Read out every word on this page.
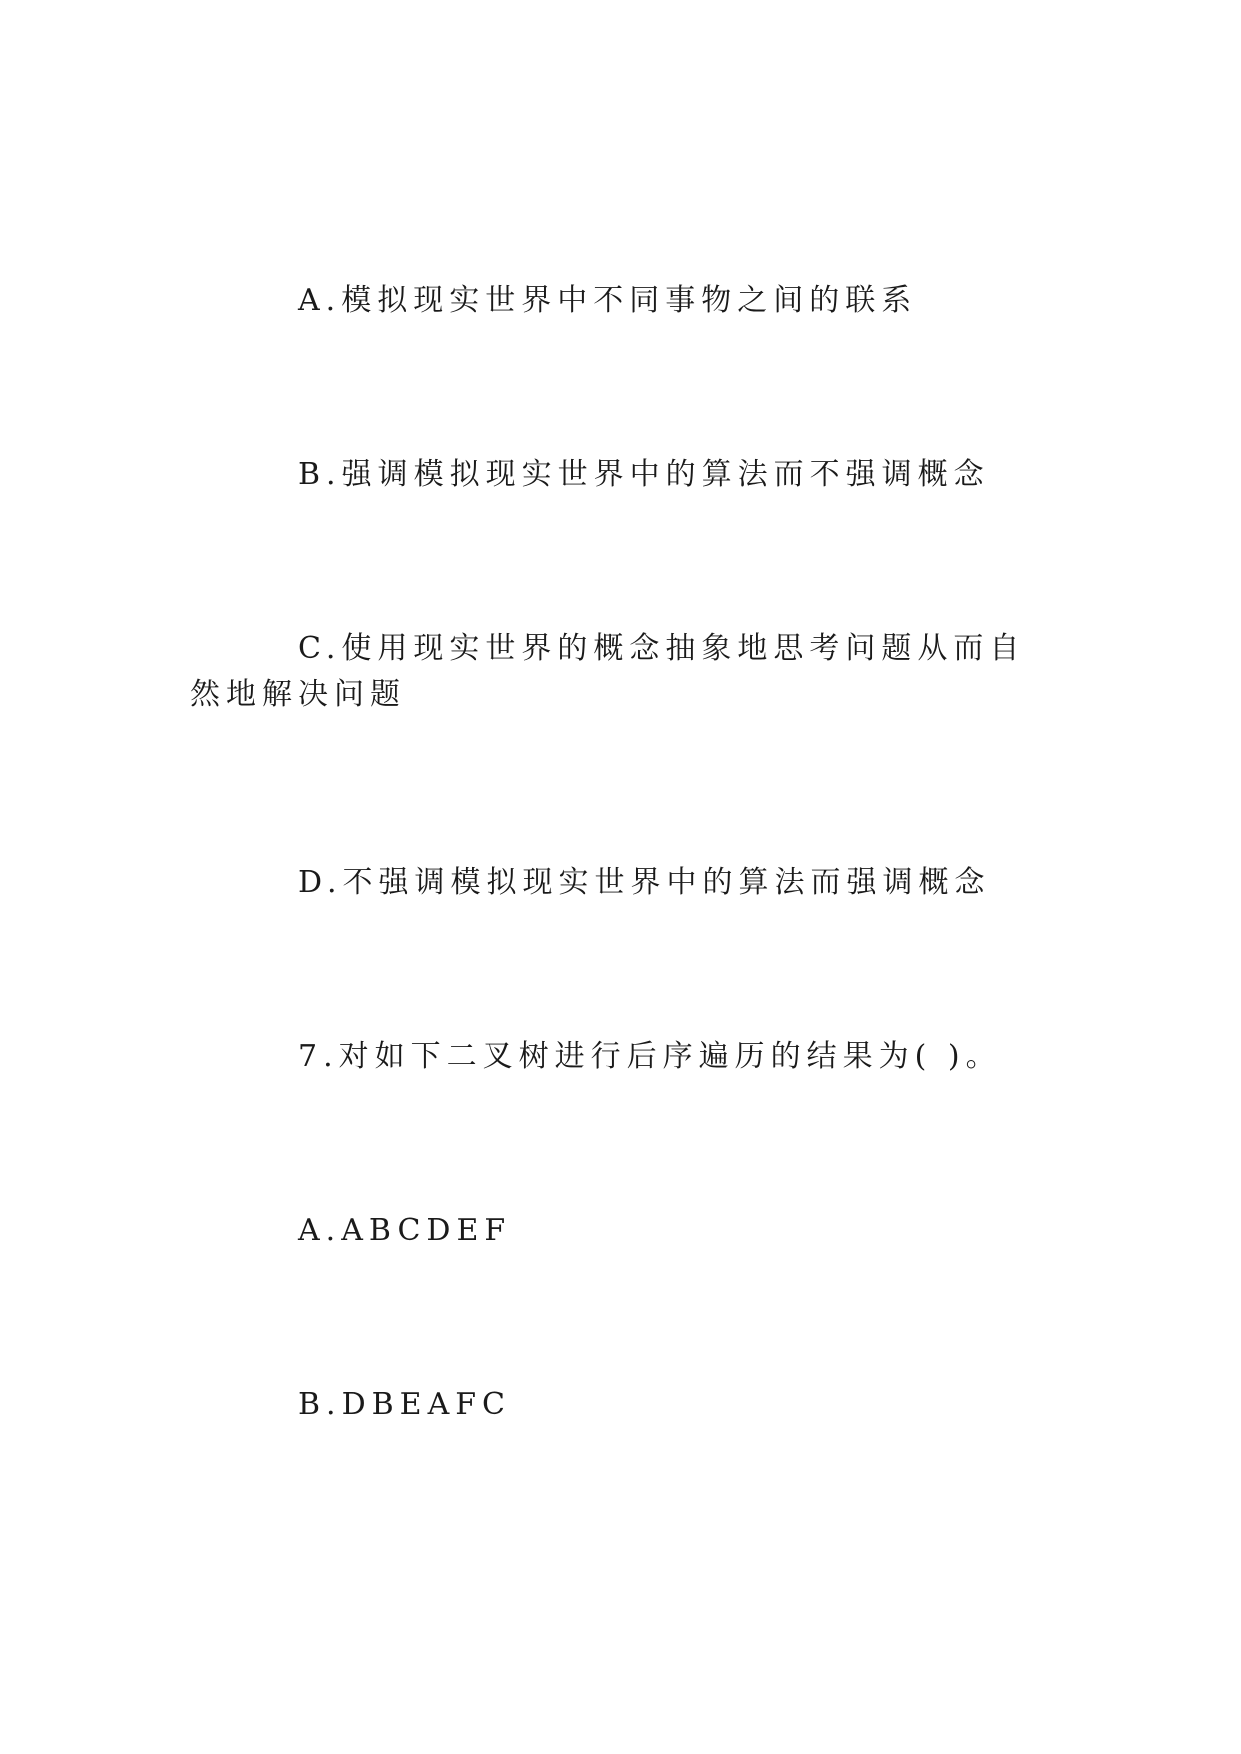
A.模拟现实世界中不同事物之间的联系

B.强调模拟现实世界中的算法而不强调概念

C.使用现实世界的概念抽象地思考问题从而自然地解决问题

D.不强调模拟现实世界中的算法而强调概念

7.对如下二叉树进行后序遍历的结果为( )。

A.ABCDEF

B.DBEAFC
